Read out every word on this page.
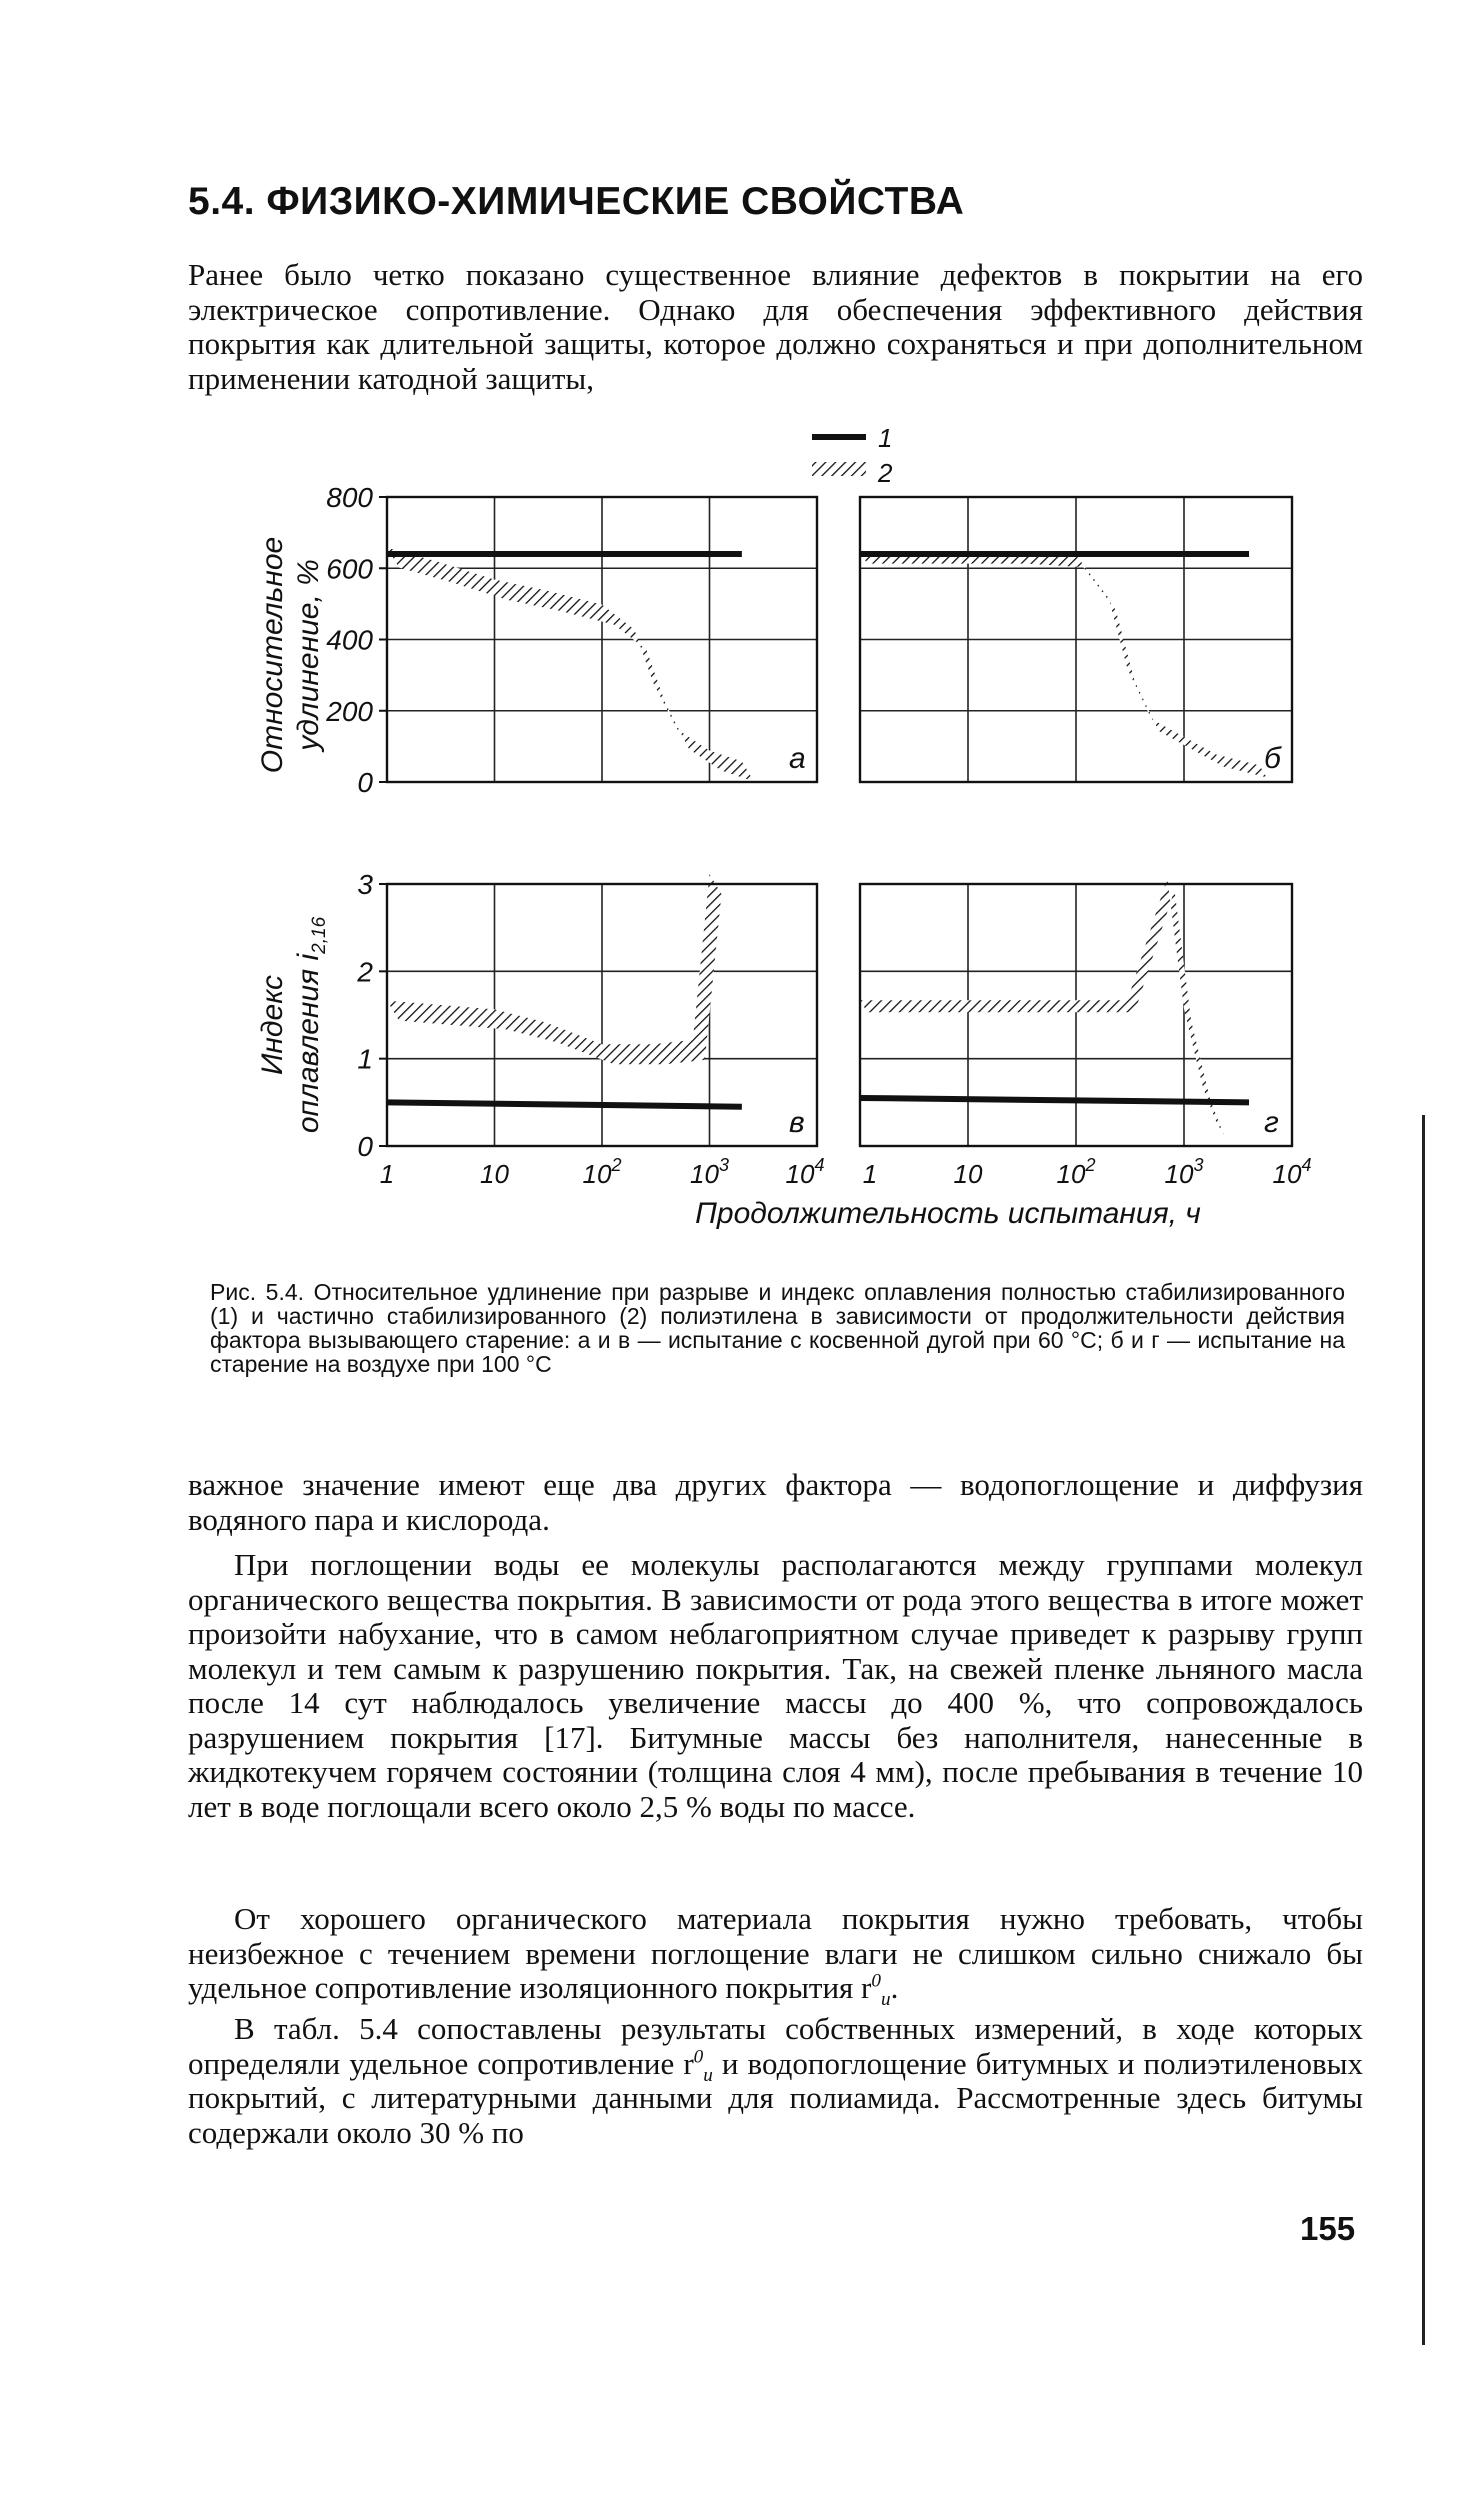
5.4. ФИЗИКО-ХИМИЧЕСКИЕ СВОЙСТВА

Ранее было четко показано существенное влияние дефектов в покрытии на его электрическое сопротивление. Однако для обеспечения эффективного действия покрытия как длительной защиты, которое должно сохраняться и при дополнительном применении катодной защиты,

1
2
Относительное удлинение, %
Индекс оплавления $i_{2,16}$
0
200
400
600
800
а	б
0
1
2
3
в	г
1	10	$10^2$	$10^3$ $10^4$ 1	10	$10^2$	$10^3$	$10^4$
Продолжительность испытания, ч

Рис. 5.4. Относительное удлинение при разрыве и индекс оплавления полностью стабилизированного (1) и частично стабилизированного (2) полиэтилена в зависимости от продолжительности действия фактора вызывающего старение: а и в — испытание с косвенной дугой при 60 °С; б и г — испытание на старение на воздухе при 100 °С

важное значение имеют еще два других фактора — водопоглощение и диффузия водяного пара и кислорода.

При поглощении воды ее молекулы располагаются между группами молекул органического вещества покрытия. В зависимости от рода этого вещества в итоге может произойти набухание, что в самом неблагоприятном случае приведет к разрыву групп молекул и тем самым к разрушению покрытия. Так, на свежей пленке льняного масла после 14 сут наблюдалось увеличение массы до 400 %, что сопровождалось разрушением покрытия [17]. Битумные массы без наполнителя, нанесенные в жидкотекучем горячем состоянии (толщина слоя 4 мм), после пребывания в течение 10 лет в воде поглощали всего около 2,5 % воды по массе.

От хорошего органического материала покрытия нужно требовать, чтобы неизбежное с течением времени поглощение влаги не слишком сильно снижало бы удельное сопротивление изоляционного покрытия $r^0_и$.

В табл. 5.4 сопоставлены результаты собственных измерений, в ходе которых определяли удельное сопротивление $r^0_и$ и водопоглощение битумных и полиэтиленовых покрытий, с литературными данными для полиамида. Рассмотренные здесь битумы содержали около 30 % по

155
